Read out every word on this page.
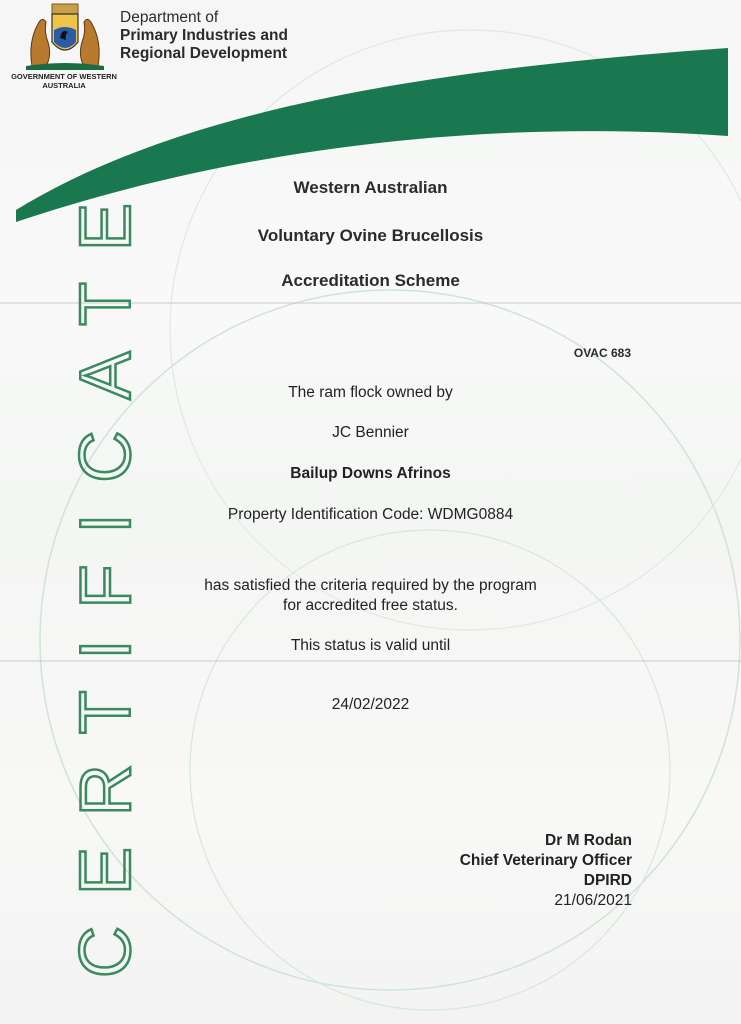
GOVERNMENT OF WESTERN AUSTRALIA
Department of
Primary Industries and
Regional Development
CERTIFICATE
Western Australian
Voluntary Ovine Brucellosis
Accreditation Scheme
OVAC 683
The ram flock owned by
JC Bennier
Bailup Downs Afrinos
Property Identification Code: WDMG0884
has satisfied the criteria required by the program
for accredited free status.
This status is valid until
24/02/2022
Dr M Rodan
Chief Veterinary Officer
DPIRD
21/06/2021
